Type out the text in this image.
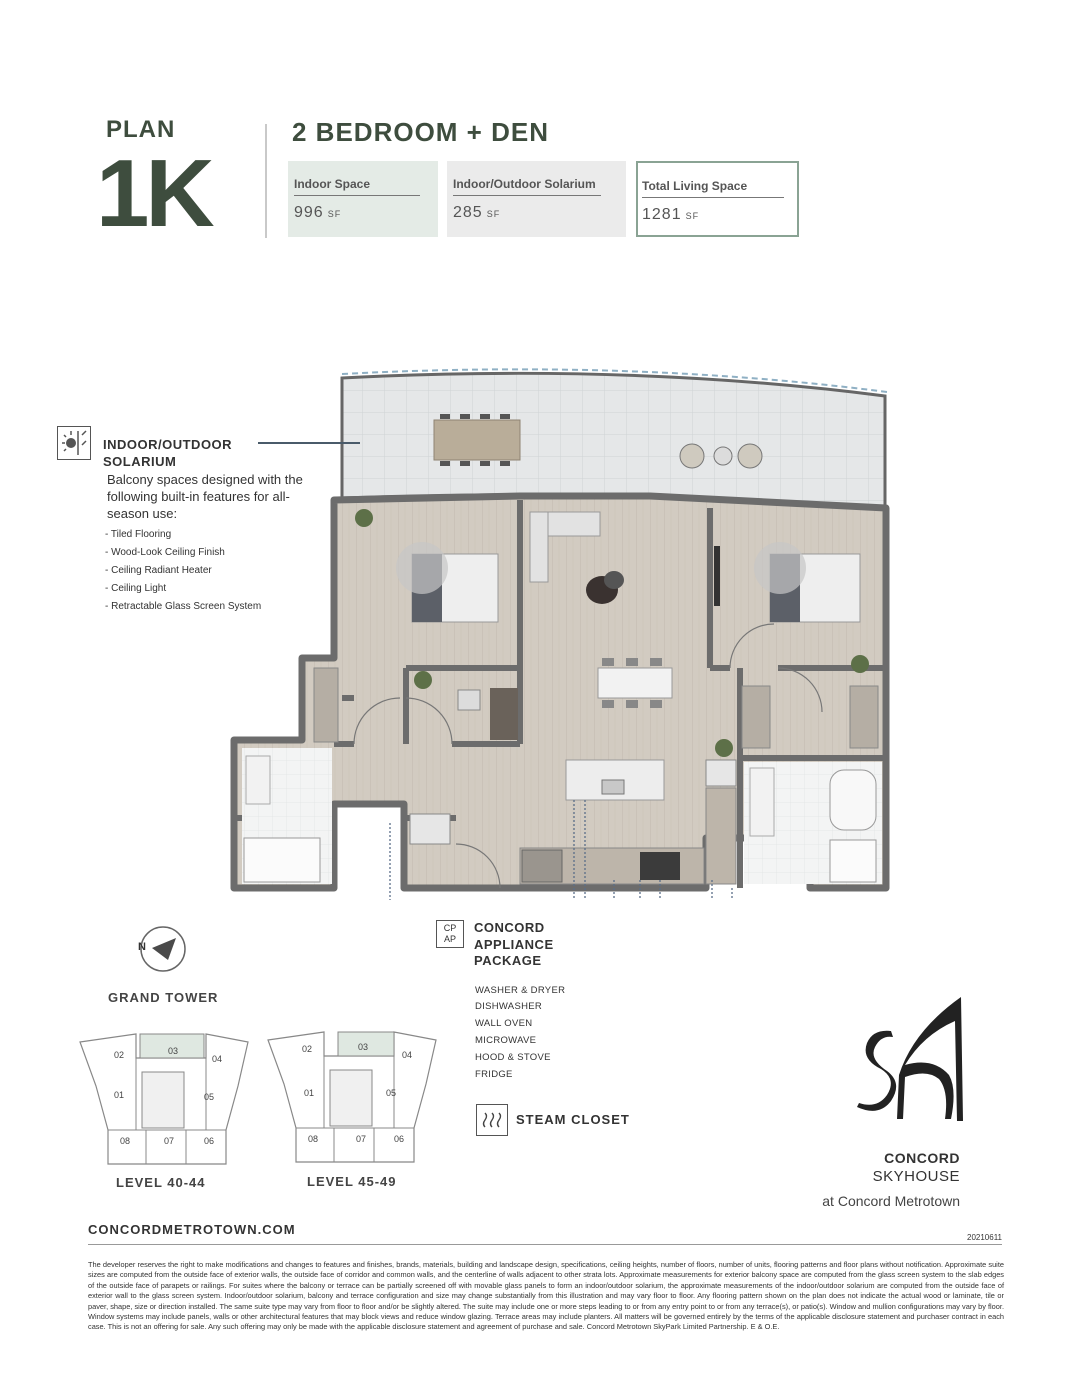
PLAN
1K
2 BEDROOM + DEN
Indoor Space
996 SF
Indoor/Outdoor Solarium
285 SF
Total Living Space
1281 SF
INDOOR/OUTDOOR
SOLARIUM
Balcony spaces designed with the following built-in features for all-season use:
- Tiled Flooring
- Wood-Look Ceiling Finish
- Ceiling Radiant Heater
- Ceiling Light
- Retractable Glass Screen System
N
GRAND TOWER
02	03
04
01	05
08	07	06
LEVEL 40-44
02	03
04
01	05
08	07	06
LEVEL 45-49
CP
AP
CONCORD
APPLIANCE
PACKAGE
WASHER & DRYER
DISHWASHER
WALL OVEN
MICROWAVE
HOOD & STOVE
FRIDGE
STEAM CLOSET
CONCORD
SKYHOUSE
at Concord Metrotown
CONCORDMETROTOWN.COM
20210611
The developer reserves the right to make modifications and changes to features and finishes, brands, materials, building and landscape design, specifications, ceiling heights, number of floors, number of units, flooring patterns and floor plans without notification. Approximate suite sizes are computed from the outside face of exterior walls, the outside face of corridor and common walls, and the centerline of walls adjacent to other strata lots. Approximate measurements for exterior balcony space are computed from the glass screen system to the slab edges of the outside face of parapets or railings. For suites where the balcony or terrace can be partially screened off with movable glass panels to form an indoor/outdoor solarium, the approximate measurements of the indoor/outdoor solarium are computed from the outside face of exterior wall to the glass screen system. Indoor/outdoor solarium, balcony and terrace configuration and size may change substantially from this illustration and may vary floor to floor. Any flooring pattern shown on the plan does not indicate the actual wood or laminate, tile or paver, shape, size or direction installed. The same suite type may vary from floor to floor and/or be slightly altered. The suite may include one or more steps leading to or from any entry point to or from any terrace(s), or patio(s). Window and mullion configurations may vary by floor. Window systems may include panels, walls or other architectural features that may block views and reduce window glazing. Terrace areas may include planters. All matters will be governed entirely by the terms of the applicable disclosure statement and purchaser contract in each case. This is not an offering for sale. Any such offering may only be made with the applicable disclosure statement and agreement of purchase and sale. Concord Metrotown SkyPark Limited Partnership. E & O.E.
